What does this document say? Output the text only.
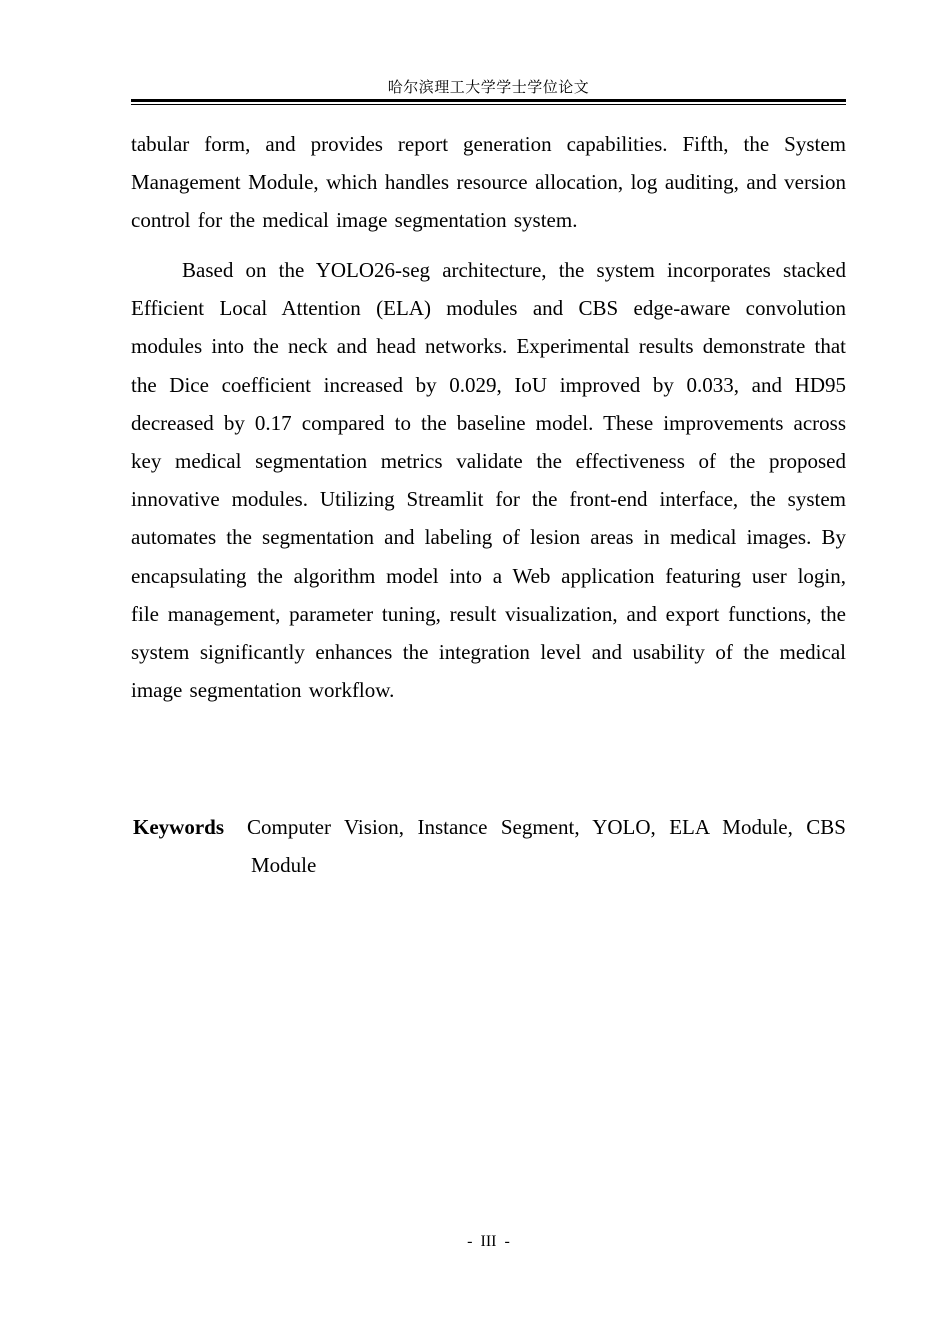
哈尔滨理工大学学士学位论文
tabular form, and provides report generation capabilities. Fifth, the System Management Module, which handles resource allocation, log auditing, and version control for the medical image segmentation system.
Based on the YOLO26-seg architecture, the system incorporates stacked Efficient Local Attention (ELA) modules and CBS edge-aware convolution modules into the neck and head networks. Experimental results demonstrate that the Dice coefficient increased by 0.029, IoU improved by 0.033, and HD95 decreased by 0.17 compared to the baseline model. These improvements across key medical segmentation metrics validate the effectiveness of the proposed innovative modules. Utilizing Streamlit for the front-end interface, the system automates the segmentation and labeling of lesion areas in medical images. By encapsulating the algorithm model into a Web application featuring user login, file management, parameter tuning, result visualization, and export functions, the system significantly enhances the integration level and usability of the medical image segmentation workflow.
Keywords	Computer Vision, Instance Segment, YOLO, ELA Module, CBS Module
- III -
